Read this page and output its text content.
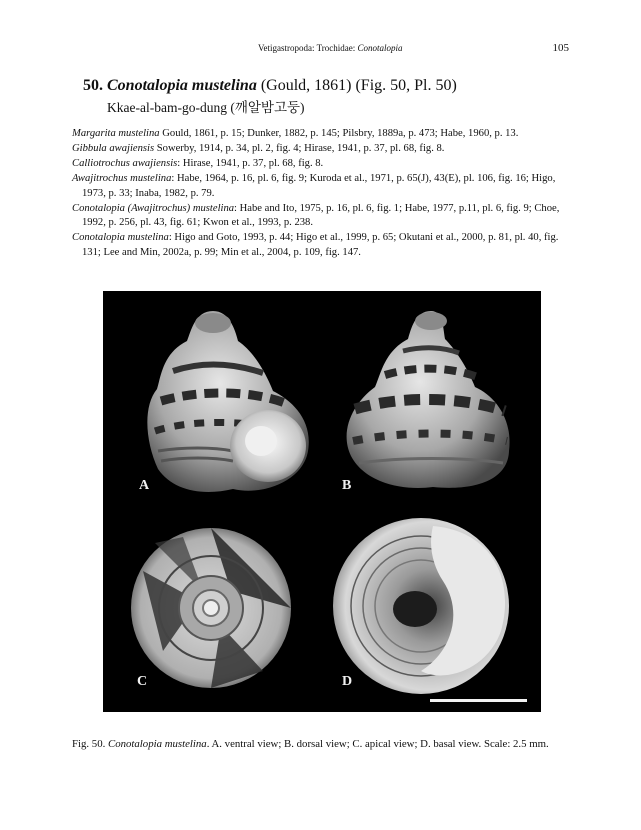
Vetigastropoda: Trochidae: Conotalopia	105
50. Conotalopia mustelina (Gould, 1861) (Fig. 50, Pl. 50)
Kkae-al-bam-go-dung (깨알밤고둥)

Margarita mustelina Gould, 1861, p. 15; Dunker, 1882, p. 145; Pilsbry, 1889a, p. 473; Habe, 1960, p. 13.

Gibbula awajiensis Sowerby, 1914, p. 34, pl. 2, fig. 4; Hirase, 1941, p. 37, pl. 68, fig. 8.

Calliotrochus awajiensis: Hirase, 1941, p. 37, pl. 68, fig. 8.

Awajitrochus mustelina: Habe, 1964, p. 16, pl. 6, fig. 9; Kuroda et al., 1971, p. 65(J), 43(E), pl. 106, fig. 16; Higo, 1973, p. 33; Inaba, 1982, p. 79.

Conotalopia (Awajitrochus) mustelina: Habe and Ito, 1975, p. 16, pl. 6, fig. 1; Habe, 1977, p.11, pl. 6, fig. 9; Choe, 1992, p. 256, pl. 43, fig. 61; Kwon et al., 1993, p. 238.

Conotalopia mustelina: Higo and Goto, 1993, p. 44; Higo et al., 1999, p. 65; Okutani et al., 2000, p. 81, pl. 40, fig. 131; Lee and Min, 2002a, p. 99; Min et al., 2004, p. 109, fig. 147.

A	B
C	D
Fig. 50. Conotalopia mustelina. A. ventral view; B. dorsal view; C. apical view; D. basal view. Scale: 2.5 mm.
